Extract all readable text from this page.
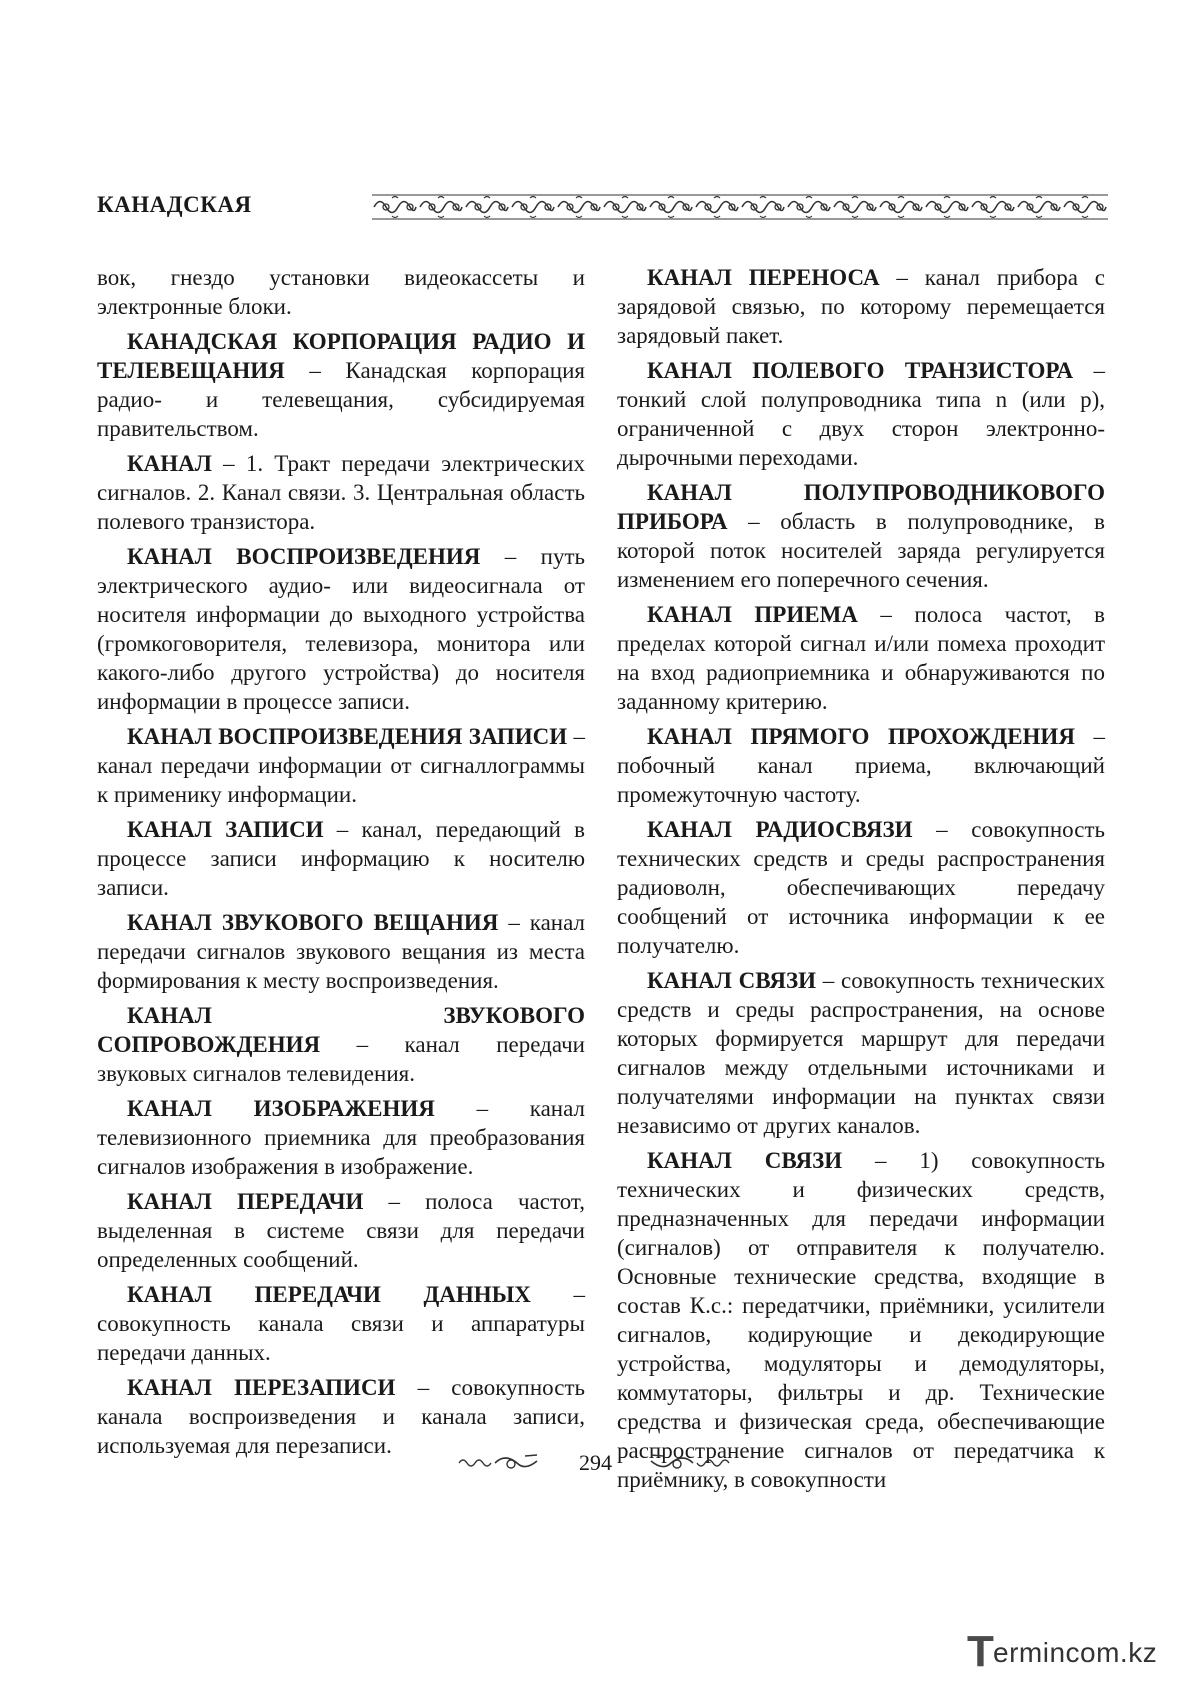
КАНАДСКАЯ

вок, гнездо установки видеокассеты и электронные блоки.

КАНАДСКАЯ КОРПОРАЦИЯ РАДИО И ТЕЛЕВЕЩАНИЯ – Канадская корпорация радио- и телевещания, субсидируемая правительством.

КАНАЛ – 1. Тракт передачи электрических сигналов. 2. Канал связи. 3. Центральная область полевого транзистора.

КАНАЛ ВОСПРОИЗВЕДЕНИЯ – путь электрического аудио- или видеосигнала от носителя информации до выходного устройства (громкоговорителя, телевизора, монитора или какого-либо другого устройства) до носителя информации в процессе записи.

КАНАЛ ВОСПРОИЗВЕДЕНИЯ ЗАПИСИ – канал передачи информации от сигналлограммы к применику информации.

КАНАЛ ЗАПИСИ – канал, передающий в процессе записи информацию к носителю записи.

КАНАЛ ЗВУКОВОГО ВЕЩАНИЯ – канал передачи сигналов звукового вещания из места формирования к месту воспроизведения.

КАНАЛ ЗВУКОВОГО СОПРОВОЖДЕНИЯ – канал передачи звуковых сигналов телевидения.

КАНАЛ ИЗОБРАЖЕНИЯ – канал телевизионного приемника для преобразования сигналов изображения в изображение.

КАНАЛ ПЕРЕДАЧИ – полоса частот, выделенная в системе связи для передачи определенных сообщений.

КАНАЛ ПЕРЕДАЧИ ДАННЫХ – совокупность канала связи и аппаратуры передачи данных.

КАНАЛ ПЕРЕЗАПИСИ – совокупность канала воспроизведения и канала записи, используемая для перезаписи.

КАНАЛ ПЕРЕНОСА – канал прибора с зарядовой связью, по которому перемещается зарядовый пакет.

КАНАЛ ПОЛЕВОГО ТРАНЗИСТОРА – тонкий слой полупроводника типа n (или p), ограниченной с двух сторон электронно-дырочными переходами.

КАНАЛ ПОЛУПРОВОДНИКОВОГО ПРИБОРА – область в полупроводнике, в которой поток носителей заряда регулируется изменением его поперечного сечения.

КАНАЛ ПРИЕМА – полоса частот, в пределах которой сигнал и/или помеха проходит на вход радиоприемника и обнаруживаются по заданному критерию.

КАНАЛ ПРЯМОГО ПРОХОЖДЕНИЯ – побочный канал приема, включающий промежуточную частоту.

КАНАЛ РАДИОСВЯЗИ – совокупность технических средств и среды распространения радиоволн, обеспечивающих передачу сообщений от источника информации к ее получателю.

КАНАЛ СВЯЗИ – совокупность технических средств и среды распространения, на основе которых формируется маршрут для передачи сигналов между отдельными источниками и получателями информации на пунктах связи независимо от других каналов.

КАНАЛ СВЯЗИ – 1) совокупность технических и физических средств, предназначенных для передачи информации (сигналов) от отправителя к получателю. Основные технические средства, входящие в состав К.с.: передатчики, приёмники, усилители сигналов, кодирующие и декодирующие устройства, модуляторы и демодуляторы, коммутаторы, фильтры и др. Технические средства и физическая среда, обеспечивающие распространение сигналов от передатчика к приёмнику, в совокупности

294
T ermincom.kz
